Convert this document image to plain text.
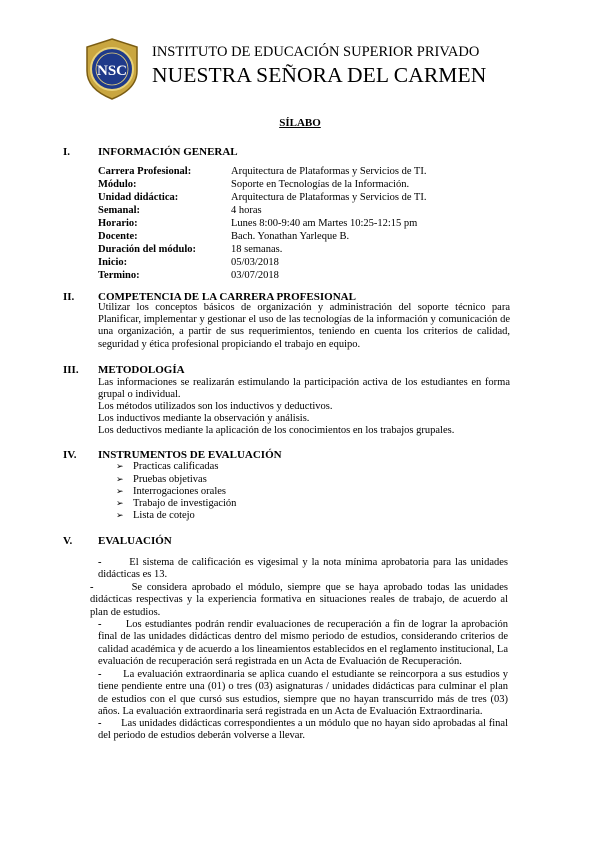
NSC
INSTITUTO DE EDUCACIÓN SUPERIOR PRIVADO
NUESTRA SEÑORA DEL CARMEN
SÍLABO
I.	INFORMACIÓN GENERAL
Carrera Profesional:	Arquitectura de Plataformas y Servicios de TI.
Módulo:	Soporte en Tecnologías de la Información.
Unidad didáctica:	Arquitectura de Plataformas y Servicios de TI.
Semanal:	4 horas
Horario:	Lunes 8:00-9:40 am Martes 10:25-12:15 pm
Docente:	Bach. Yonathan Yarleque B.
Duración del módulo:	18 semanas.
Inicio:	05/03/2018
Termino:	03/07/2018
II. COMPETENCIA DE LA CARRERA PROFESIONAL
Utilizar los conceptos básicos de organización y administración del soporte técnico para Planificar, implementar y gestionar el uso de las tecnologías de la información y comunicación de una organización, a partir de sus requerimientos, teniendo en cuenta los criterios de calidad, seguridad y ética profesional propiciando el trabajo en equipo.
III. METODOLOGÍA
Las informaciones se realizarán estimulando la participación activa de los estudiantes en forma grupal o individual.
Los métodos utilizados son los inductivos y deductivos.
Los inductivos mediante la observación y análisis.
Los deductivos mediante la aplicación de los conocimientos en los trabajos grupales.
IV. INSTRUMENTOS DE EVALUACIÓN
➢ Practicas calificadas
➢ Pruebas objetivas
➢ Interrogaciones orales
➢ Trabajo de investigación
➢ Lista de cotejo
V. EVALUACIÓN
-	El sistema de calificación es vigesimal y la nota mínima aprobatoria para las unidades didácticas es 13.
-	Se considera aprobado el módulo, siempre que se haya aprobado todas las unidades didácticas respectivas y la experiencia formativa en situaciones reales de trabajo, de acuerdo al plan de estudios.
- Los estudiantes podrán rendir evaluaciones de recuperación a fin de lograr la aprobación final de las unidades didácticas dentro del mismo periodo de estudios, considerando criterios de calidad académica y de acuerdo a los lineamientos establecidos en el reglamento institucional, La evaluación de recuperación será registrada en un Acta de Evaluación de Recuperación.
- La evaluación extraordinaria se aplica cuando el estudiante se reincorpora a sus estudios y tiene pendiente entre una (01) o tres (03) asignaturas / unidades didácticas para culminar el plan de estudios con el que cursó sus estudios, siempre que no hayan transcurrido más de tres (03) años. La evaluación extraordinaria será registrada en un Acta de Evaluación Extraordinaria.
- Las unidades didácticas correspondientes a un módulo que no hayan sido aprobadas al final del periodo de estudios deberán volverse a llevar.
